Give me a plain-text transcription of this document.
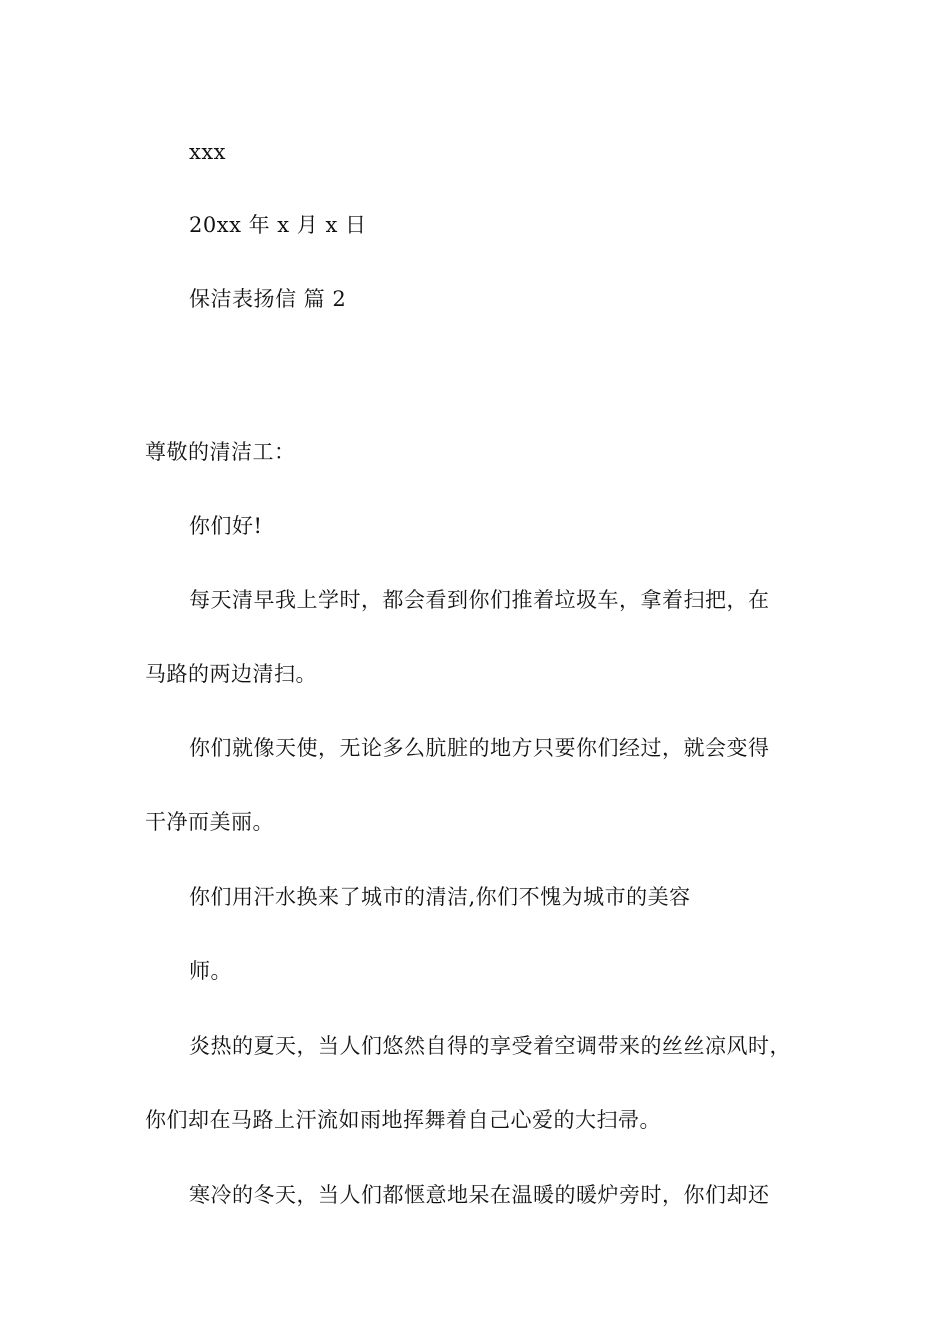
xxx
20xx 年 x 月 x 日
保洁表扬信 篇 2
尊敬的清洁工：
你们好!
每天清早我上学时，都会看到你们推着垃圾车，拿着扫把，在
马路的两边清扫。
你们就像天使，无论多么肮脏的地方只要你们经过，就会变得
干净而美丽。
你们用汗水换来了城市的清洁,你们不愧为城市的美容
师。
炎热的夏天，当人们悠然自得的享受着空调带来的丝丝凉风时，
你们却在马路上汗流如雨地挥舞着自己心爱的大扫帚。
寒冷的冬天，当人们都惬意地呆在温暖的暖炉旁时，你们却还
